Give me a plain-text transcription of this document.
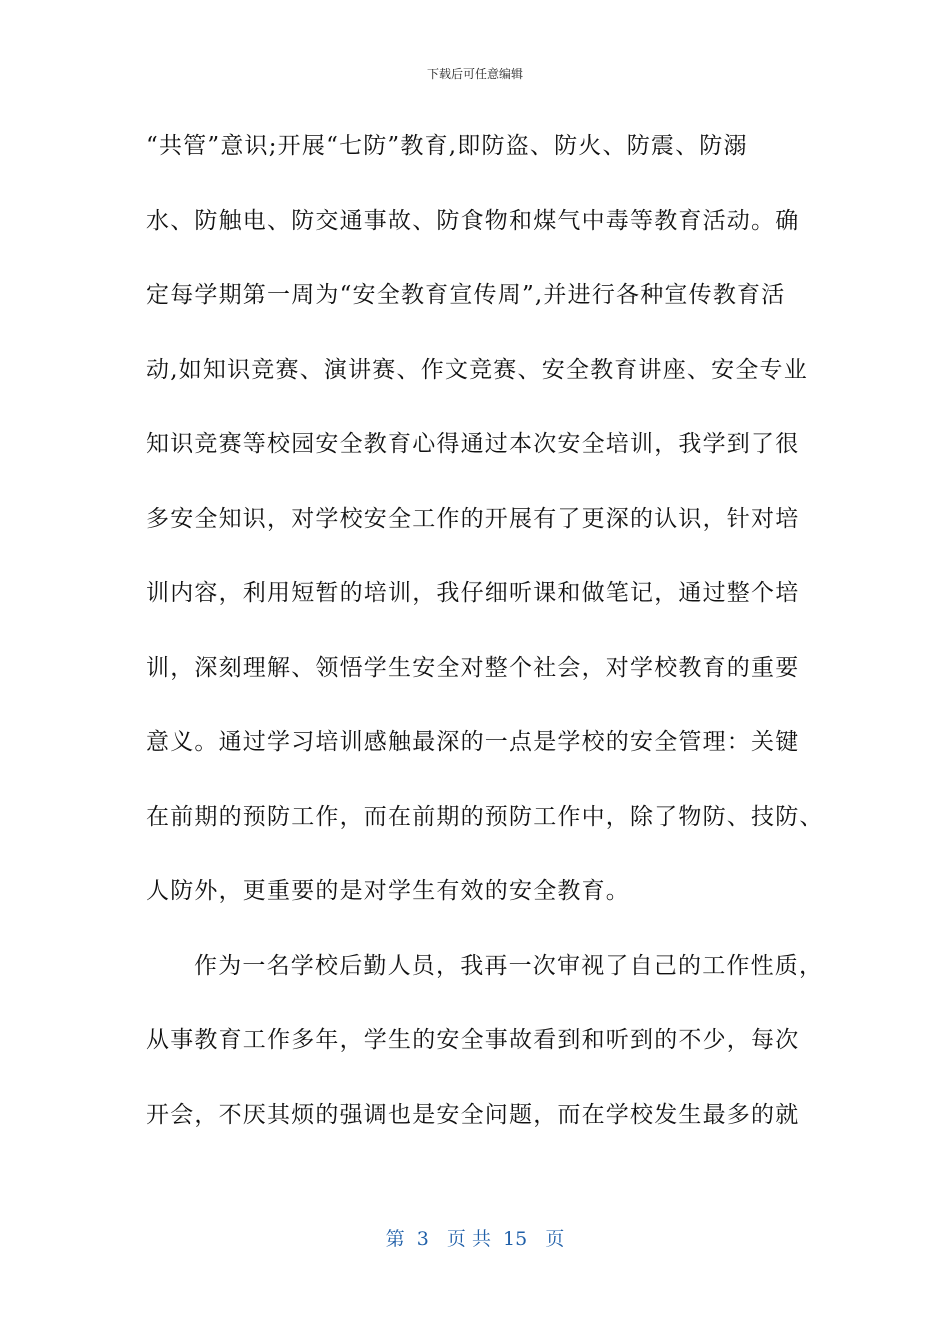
下载后可任意编辑
“共管”意识;开展“七防”教育,即防盗、防火、防震、防溺
水、防触电、防交通事故、防食物和煤气中毒等教育活动。确
定每学期第一周为“安全教育宣传周”,并进行各种宣传教育活
动,如知识竞赛、演讲赛、作文竞赛、安全教育讲座、安全专业
知识竞赛等校园安全教育心得通过本次安全培训，我学到了很
多安全知识，对学校安全工作的开展有了更深的认识，针对培
训内容，利用短暂的培训，我仔细听课和做笔记，通过整个培
训，深刻理解、领悟学生安全对整个社会，对学校教育的重要
意义。通过学习培训感触最深的一点是学校的安全管理：关键
在前期的预防工作，而在前期的预防工作中，除了物防、技防、
人防外，更重要的是对学生有效的安全教育。
作为一名学校后勤人员，我再一次审视了自己的工作性质，
从事教育工作多年，学生的安全事故看到和听到的不少，每次
开会，不厌其烦的强调也是安全问题，而在学校发生最多的就
第  3   页 共  15   页
